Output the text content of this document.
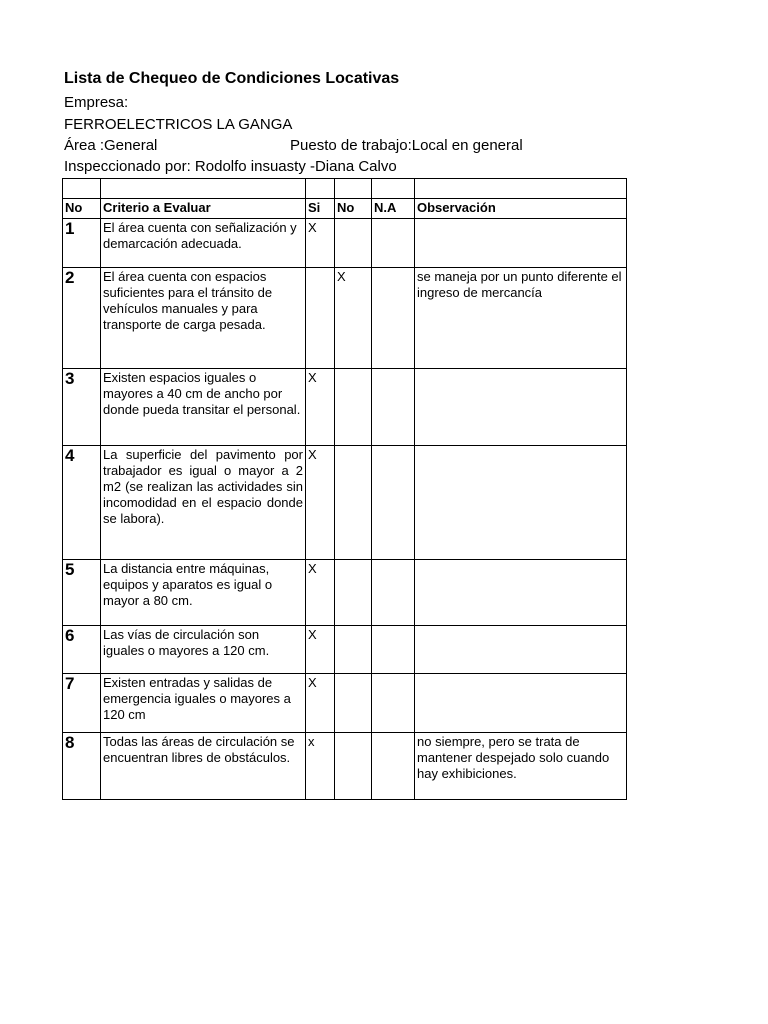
Lista de Chequeo de Condiciones Locativas
Empresa:
FERROELECTRICOS LA GANGA
Área :General	Puesto de trabajo:Local en general
Inspeccionado por: Rodolfo insuasty -Diana Calvo

No	Criterio a Evaluar	Si	No	N.A	Observación
1	El área cuenta con señalización y demarcación adecuada.	X			
2	El área cuenta con espacios suficientes para el tránsito de vehículos manuales y para transporte de carga pesada.		X		se maneja por un punto diferente el ingreso de mercancía
3	Existen espacios iguales o mayores a 40 cm de ancho por donde pueda transitar el personal.	X			
4	La superficie del pavimento por trabajador es igual o mayor a 2 m2 (se realizan las actividades sin incomodidad en el espacio donde se labora).	X			
5	La distancia entre máquinas, equipos y aparatos es igual o mayor a 80 cm.	X			
6	Las vías de circulación son iguales o mayores a 120 cm.	X			
7	Existen entradas y salidas de emergencia iguales o mayores a 120 cm	X			
8	Todas las áreas de circulación se encuentran libres de obstáculos.	x			no siempre, pero se trata de mantener despejado solo cuando hay exhibiciones.
